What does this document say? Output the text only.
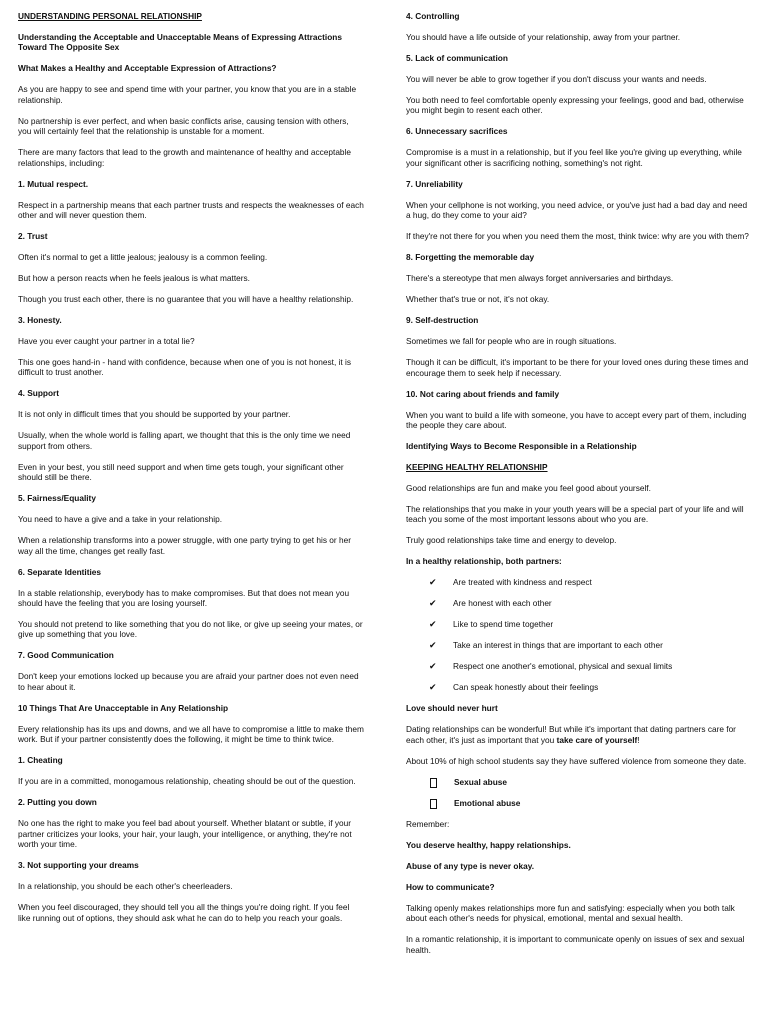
UNDERSTANDING PERSONAL RELATIONSHIP

Understanding the Acceptable and Unacceptable Means of Expressing Attractions Toward The Opposite Sex

What Makes a Healthy and Acceptable Expression of Attractions?

As you are happy to see and spend time with your partner, you know that you are in a stable relationship.

No partnership is ever perfect, and when basic conflicts arise, causing tension with others, you will certainly feel that the relationship is unstable for a moment.

There are many factors that lead to the growth and maintenance of healthy and acceptable relationships, including:

1. Mutual respect.

Respect in a partnership means that each partner trusts and respects the weaknesses of each other and will never question them.

2. Trust

Often it's normal to get a little jealous; jealousy is a common feeling.

But how a person reacts when he feels jealous is what matters.

Though you trust each other, there is no guarantee that you will have a healthy relationship.

3. Honesty.

Have you ever caught your partner in a total lie?

This one goes hand-in - hand with confidence, because when one of you is not honest, it is difficult to trust another.

4. Support

It is not only in difficult times that you should be supported by your partner.

Usually, when the whole world is falling apart, we thought that this is the only time we need support from others.

Even in your best, you still need support and when time gets tough, your significant other should still be there.

5. Fairness/Equality

You need to have a give and a take in your relationship.

When a relationship transforms into a power struggle, with one party trying to get his or her way all the time, changes get really fast.

6. Separate Identities

In a stable relationship, everybody has to make compromises. But that does not mean you should have the feeling that you are losing yourself.

You should not pretend to like something that you do not like, or give up seeing your mates, or give up something that you love.

7. Good Communication

Don't keep your emotions locked up because you are afraid your partner does not even need to hear about it.

10 Things That Are Unacceptable in Any Relationship

Every relationship has its ups and downs, and we all have to compromise a little to make them work. But if your partner consistently does the following, it might be time to think twice.

1. Cheating

If you are in a committed, monogamous relationship, cheating should be out of the question.

2. Putting you down

No one has the right to make you feel bad about yourself. Whether blatant or subtle, if your partner criticizes your looks, your hair, your laugh, your intelligence, or anything, they're not worth your time.

3. Not supporting your dreams

In a relationship, you should be each other's cheerleaders.

When you feel discouraged, they should tell you all the things you're doing right. If you feel like running out of options, they should ask what he can do to help you reach your goals.

4. Controlling

You should have a life outside of your relationship, away from your partner.

5. Lack of communication

You will never be able to grow together if you don't discuss your wants and needs.

You both need to feel comfortable openly expressing your feelings, good and bad, otherwise you might begin to resent each other.

6. Unnecessary sacrifices

Compromise is a must in a relationship, but if you feel like you're giving up everything, while your significant other is sacrificing nothing, something's not right.

7. Unreliability

When your cellphone is not working, you need advice, or you've just had a bad day and need a hug, do they come to your aid?

If they're not there for you when you need them the most, think twice: why are you with them?

8. Forgetting the memorable day

There's a stereotype that men always forget anniversaries and birthdays.

Whether that's true or not, it's not okay.

9. Self-destruction

Sometimes we fall for people who are in rough situations.

Though it can be difficult, it's important to be there for your loved ones during these times and encourage them to seek help if necessary.

10. Not caring about friends and family

When you want to build a life with someone, you have to accept every part of them, including the people they care about.

Identifying Ways to Become Responsible in a Relationship

KEEPING HEALTHY RELATIONSHIP

Good relationships are fun and make you feel good about yourself.

The relationships that you make in your youth years will be a special part of your life and will teach you some of the most important lessons about who you are.

Truly good relationships take time and energy to develop.

In a healthy relationship, both partners:

✔	Are treated with kindness and respect
✔	Are honest with each other
✔	Like to spend time together
✔	Take an interest in things that are important to each other
✔	Respect one another's emotional, physical and sexual limits
✔	Can speak honestly about their feelings

Love should never hurt

Dating relationships can be wonderful! But while it's important that dating partners care for each other, it's just as important that you take care of yourself!

About 10% of high school students say they have suffered violence from someone they date.

Sexual abuse
Emotional abuse

Remember:

You deserve healthy, happy relationships.

Abuse of any type is never okay.

How to communicate?

Talking openly makes relationships more fun and satisfying: especially when you both talk about each other's needs for physical, emotional, mental and sexual health.

In a romantic relationship, it is important to communicate openly on issues of sex and sexual health.
